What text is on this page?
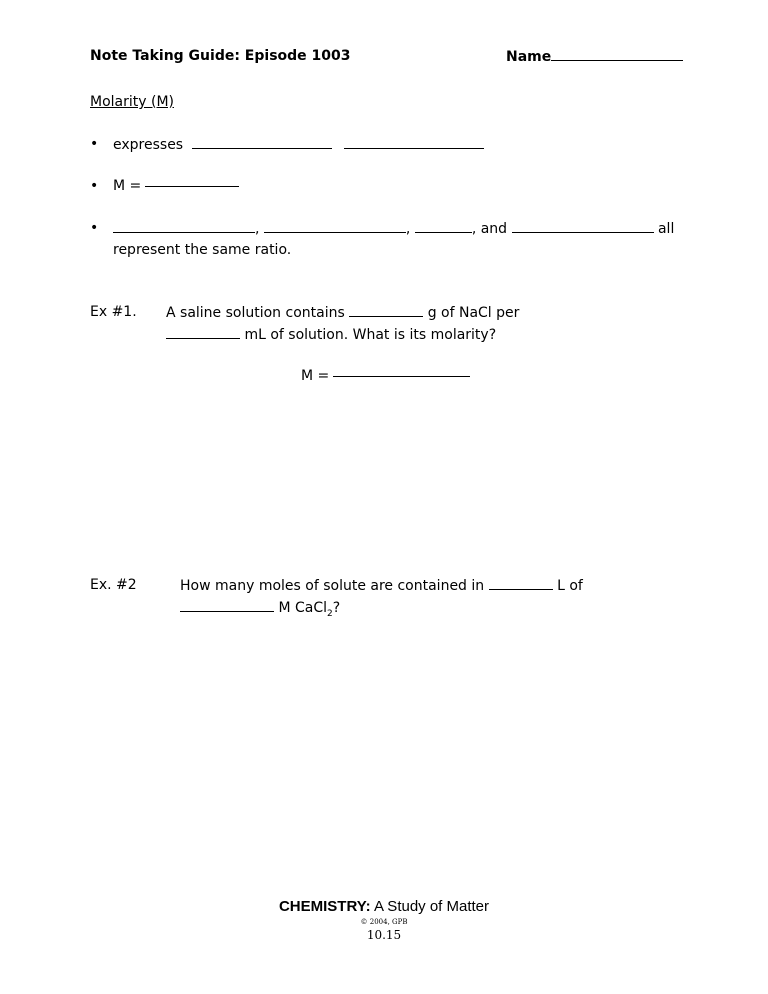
Note Taking Guide: Episode 1003	Name
Molarity (M)
• expresses
• M =
•	,	,	, and	all
represent the same ratio.
Ex #1. A saline solution contains	g of NaCl per
mL of solution. What is its molarity?
M =
Ex. #2	How many moles of solute are contained in	L of
M CaCl$_2$?
CHEMISTRY: A Study of Matter
© 2004, GPB
10.15
